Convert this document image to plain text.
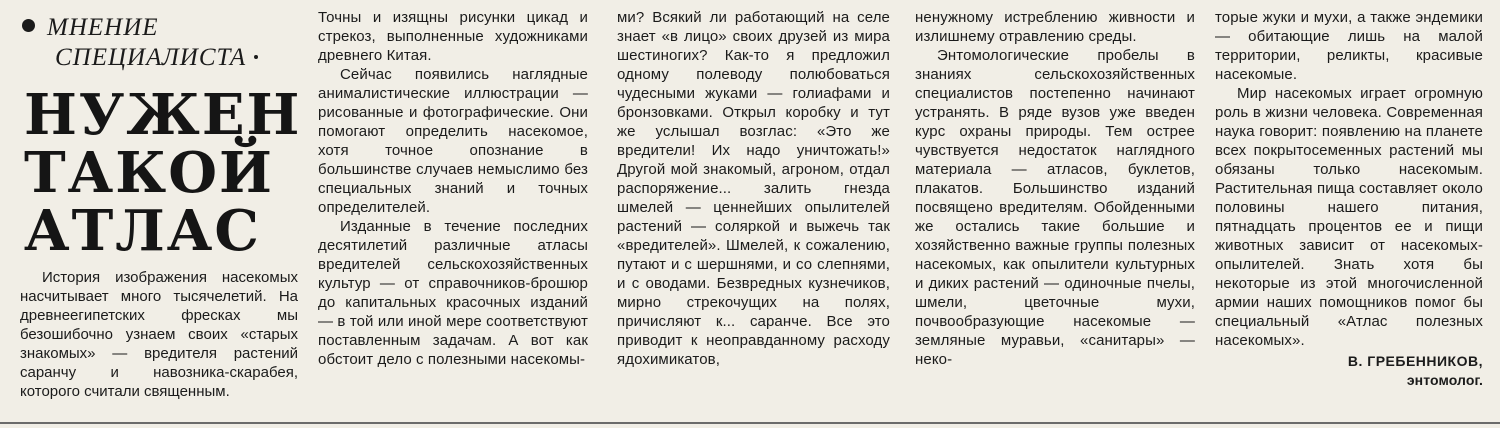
МНЕНИЕ
СПЕЦИАЛИСТА
НУЖЕН
ТАКОЙ
АТЛАС

История изображения насекомых насчитывает много тысячелетий. На древнеегипетских фресках мы безошибочно узнаем своих «старых знакомых» — вредителя растений саранчу и навозника-скарабея, которого считали священным.

Точны и изящны рисунки цикад и стрекоз, выполненные художниками древнего Китая.

Сейчас появились наглядные анималистические иллюстрации — рисованные и фотографические. Они помогают определить насекомое, хотя точное опознание в большинстве случаев немыслимо без специальных знаний и точных определителей.

Изданные в течение последних десятилетий различные атласы вредителей сельскохозяйственных культур — от справочников-брошюр до капитальных красочных изданий — в той или иной мере соответствуют поставленным задачам. А вот как обстоит дело с полезными насекомы-

ми? Всякий ли работающий на селе знает «в лицо» своих друзей из мира шестиногих? Как-то я предложил одному полеводу полюбоваться чудесными жуками — голиафами и бронзовками. Открыл коробку и тут же услышал возглас: «Это же вредители! Их надо уничтожать!» Другой мой знакомый, агроном, отдал распоряжение... залить гнезда шмелей — ценнейших опылителей растений — соляркой и выжечь так «вредителей». Шмелей, к сожалению, путают и с шершнями, и со слепнями, и с оводами. Безвредных кузнечиков, мирно стрекочущих на полях, причисляют к... саранче. Все это приводит к неоправданному расходу ядохимикатов,

ненужному истреблению живности и излишнему отравлению среды.

Энтомологические пробелы в знаниях сельскохозяйственных специалистов постепенно начинают устранять. В ряде вузов уже введен курс охраны природы. Тем острее чувствуется недостаток наглядного материала — атласов, буклетов, плакатов. Большинство изданий посвящено вредителям. Обойденными же остались такие большие и хозяйственно важные группы полезных насекомых, как опылители культурных и диких растений — одиночные пчелы, шмели, цветочные мухи, почвообразующие насекомые — земляные муравьи, «санитары» — неко-

торые жуки и мухи, а также эндемики — обитающие лишь на малой территории, реликты, красивые насекомые.

Мир насекомых играет огромную роль в жизни человека. Современная наука говорит: появлению на планете всех покрытосеменных растений мы обязаны только насекомым. Растительная пища составляет около половины нашего питания, пятнадцать процентов ее и пищи животных зависит от насекомых-опылителей. Знать хотя бы некоторые из этой многочисленной армии наших помощников помог бы специальный «Атлас полезных насекомых».

В. ГРЕБЕННИКОВ,
энтомолог.
